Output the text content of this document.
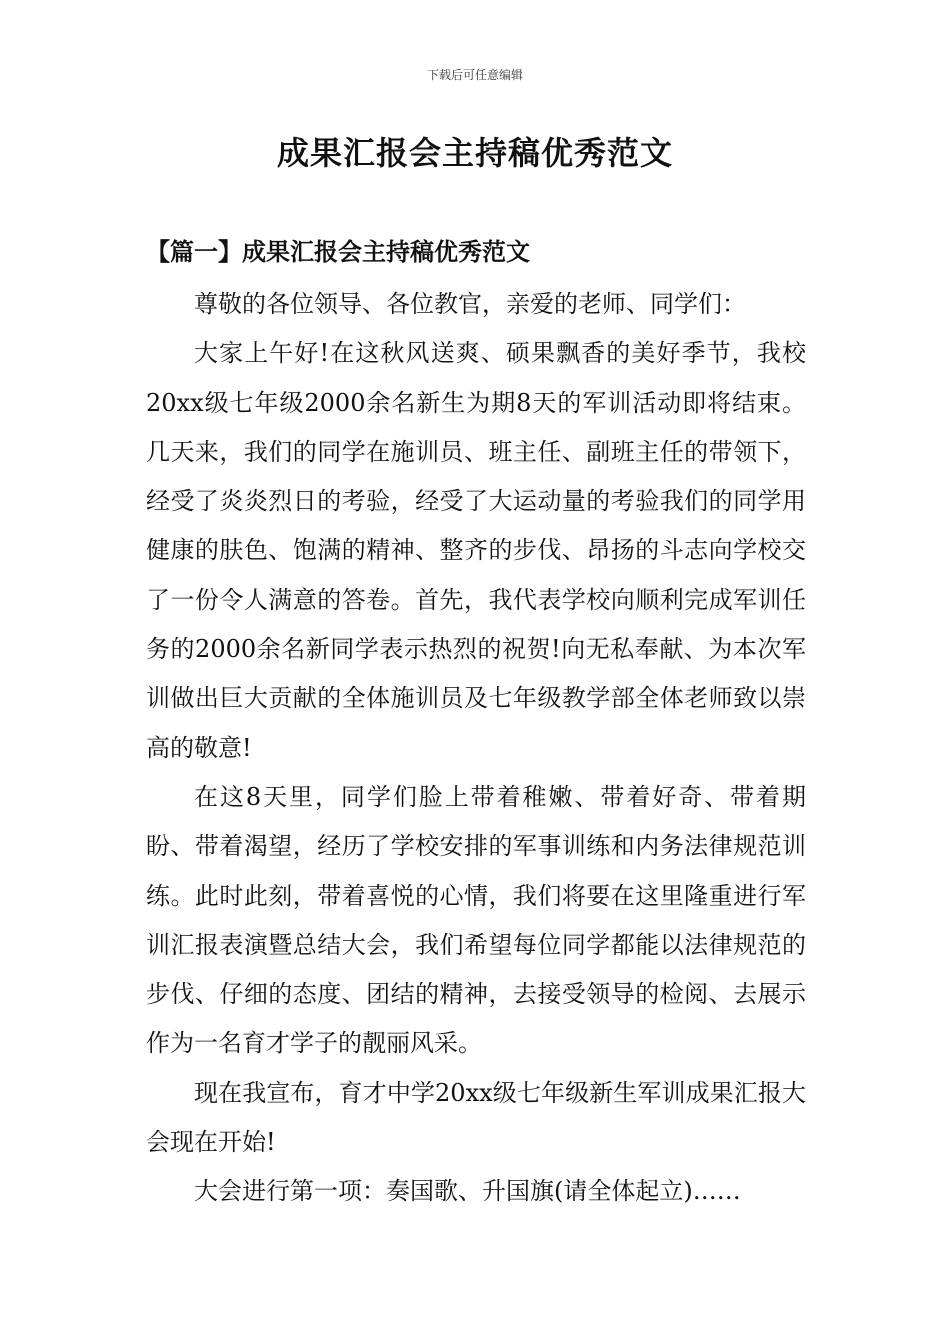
下载后可任意编辑
成果汇报会主持稿优秀范文
【篇一】成果汇报会主持稿优秀范文

尊敬的各位领导、各位教官，亲爱的老师、同学们：

大家上午好!在这秋风送爽、硕果飘香的美好季节，我校20xx级七年级2000余名新生为期8天的军训活动即将结束。几天来，我们的同学在施训员、班主任、副班主任的带领下，经受了炎炎烈日的考验，经受了大运动量的考验我们的同学用健康的肤色、饱满的精神、整齐的步伐、昂扬的斗志向学校交了一份令人满意的答卷。首先，我代表学校向顺利完成军训任务的2000余名新同学表示热烈的祝贺!向无私奉献、为本次军训做出巨大贡献的全体施训员及七年级教学部全体老师致以崇高的敬意!

在这8天里，同学们脸上带着稚嫩、带着好奇、带着期盼、带着渴望，经历了学校安排的军事训练和内务法律规范训练。此时此刻，带着喜悦的心情，我们将要在这里隆重进行军训汇报表演暨总结大会，我们希望每位同学都能以法律规范的步伐、仔细的态度、团结的精神，去接受领导的检阅、去展示作为一名育才学子的靓丽风采。

现在我宣布，育才中学20xx级七年级新生军训成果汇报大会现在开始!

大会进行第一项：奏国歌、升国旗(请全体起立)……
